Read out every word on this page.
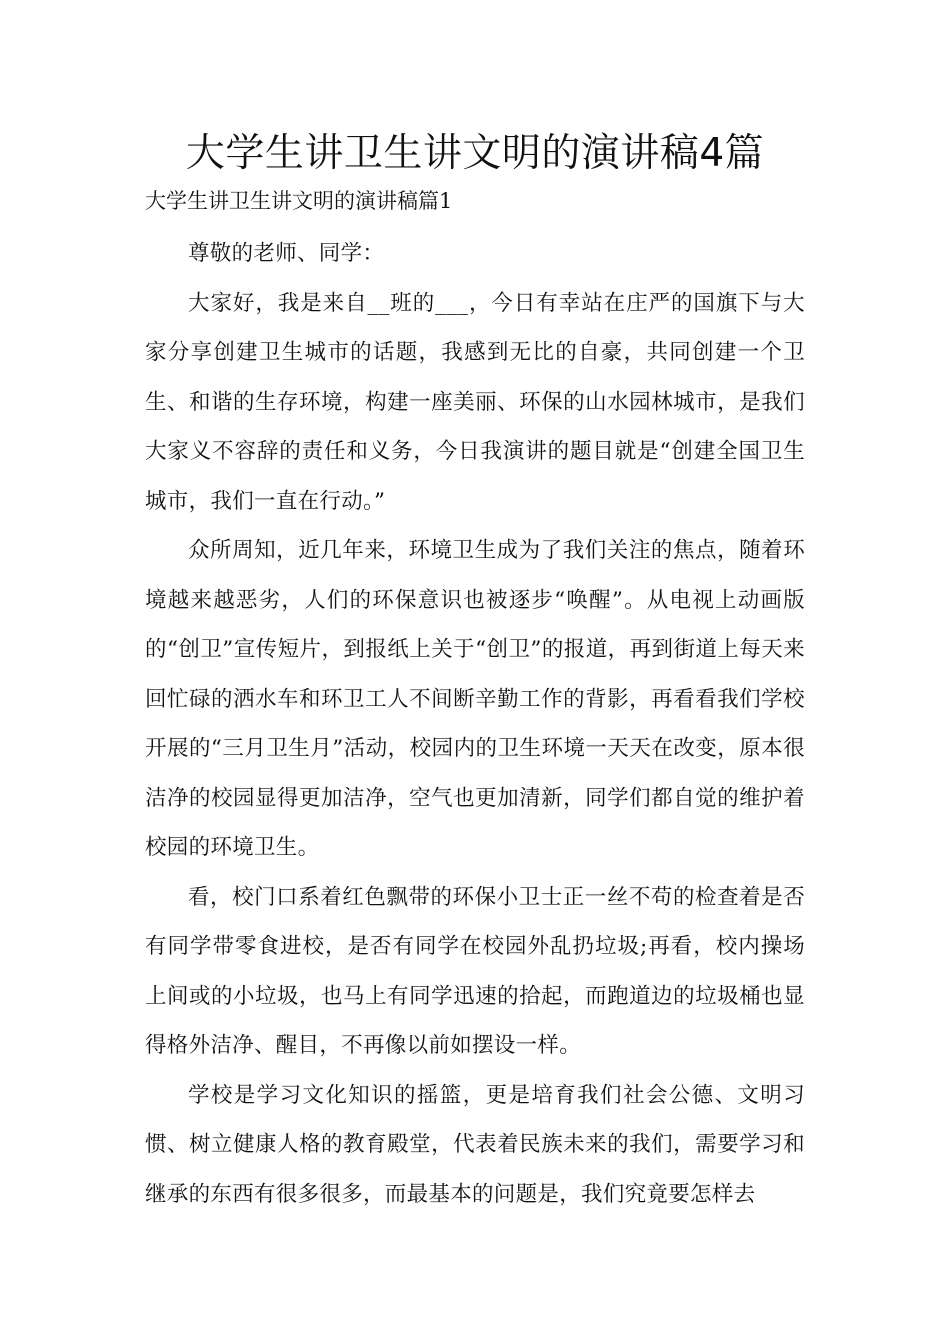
大学生讲卫生讲文明的演讲稿4篇
大学生讲卫生讲文明的演讲稿篇1

尊敬的老师、同学：

大家好，我是来自__班的___，今日有幸站在庄严的国旗下与大家分享创建卫生城市的话题，我感到无比的自豪，共同创建一个卫生、和谐的生存环境，构建一座美丽、环保的山水园林城市，是我们大家义不容辞的责任和义务，今日我演讲的题目就是“创建全国卫生城市，我们一直在行动。”

众所周知，近几年来，环境卫生成为了我们关注的焦点，随着环境越来越恶劣，人们的环保意识也被逐步“唤醒”。从电视上动画版的“创卫”宣传短片，到报纸上关于“创卫”的报道，再到街道上每天来回忙碌的洒水车和环卫工人不间断辛勤工作的背影，再看看我们学校开展的“三月卫生月”活动，校园内的卫生环境一天天在改变，原本很洁净的校园显得更加洁净，空气也更加清新，同学们都自觉的维护着校园的环境卫生。

看，校门口系着红色飘带的环保小卫士正一丝不苟的检查着是否有同学带零食进校，是否有同学在校园外乱扔垃圾;再看，校内操场上间或的小垃圾，也马上有同学迅速的拾起，而跑道边的垃圾桶也显得格外洁净、醒目，不再像以前如摆设一样。

学校是学习文化知识的摇篮，更是培育我们社会公德、文明习惯、树立健康人格的教育殿堂，代表着民族未来的我们，需要学习和继承的东西有很多很多，而最基本的问题是，我们究竟要怎样去
